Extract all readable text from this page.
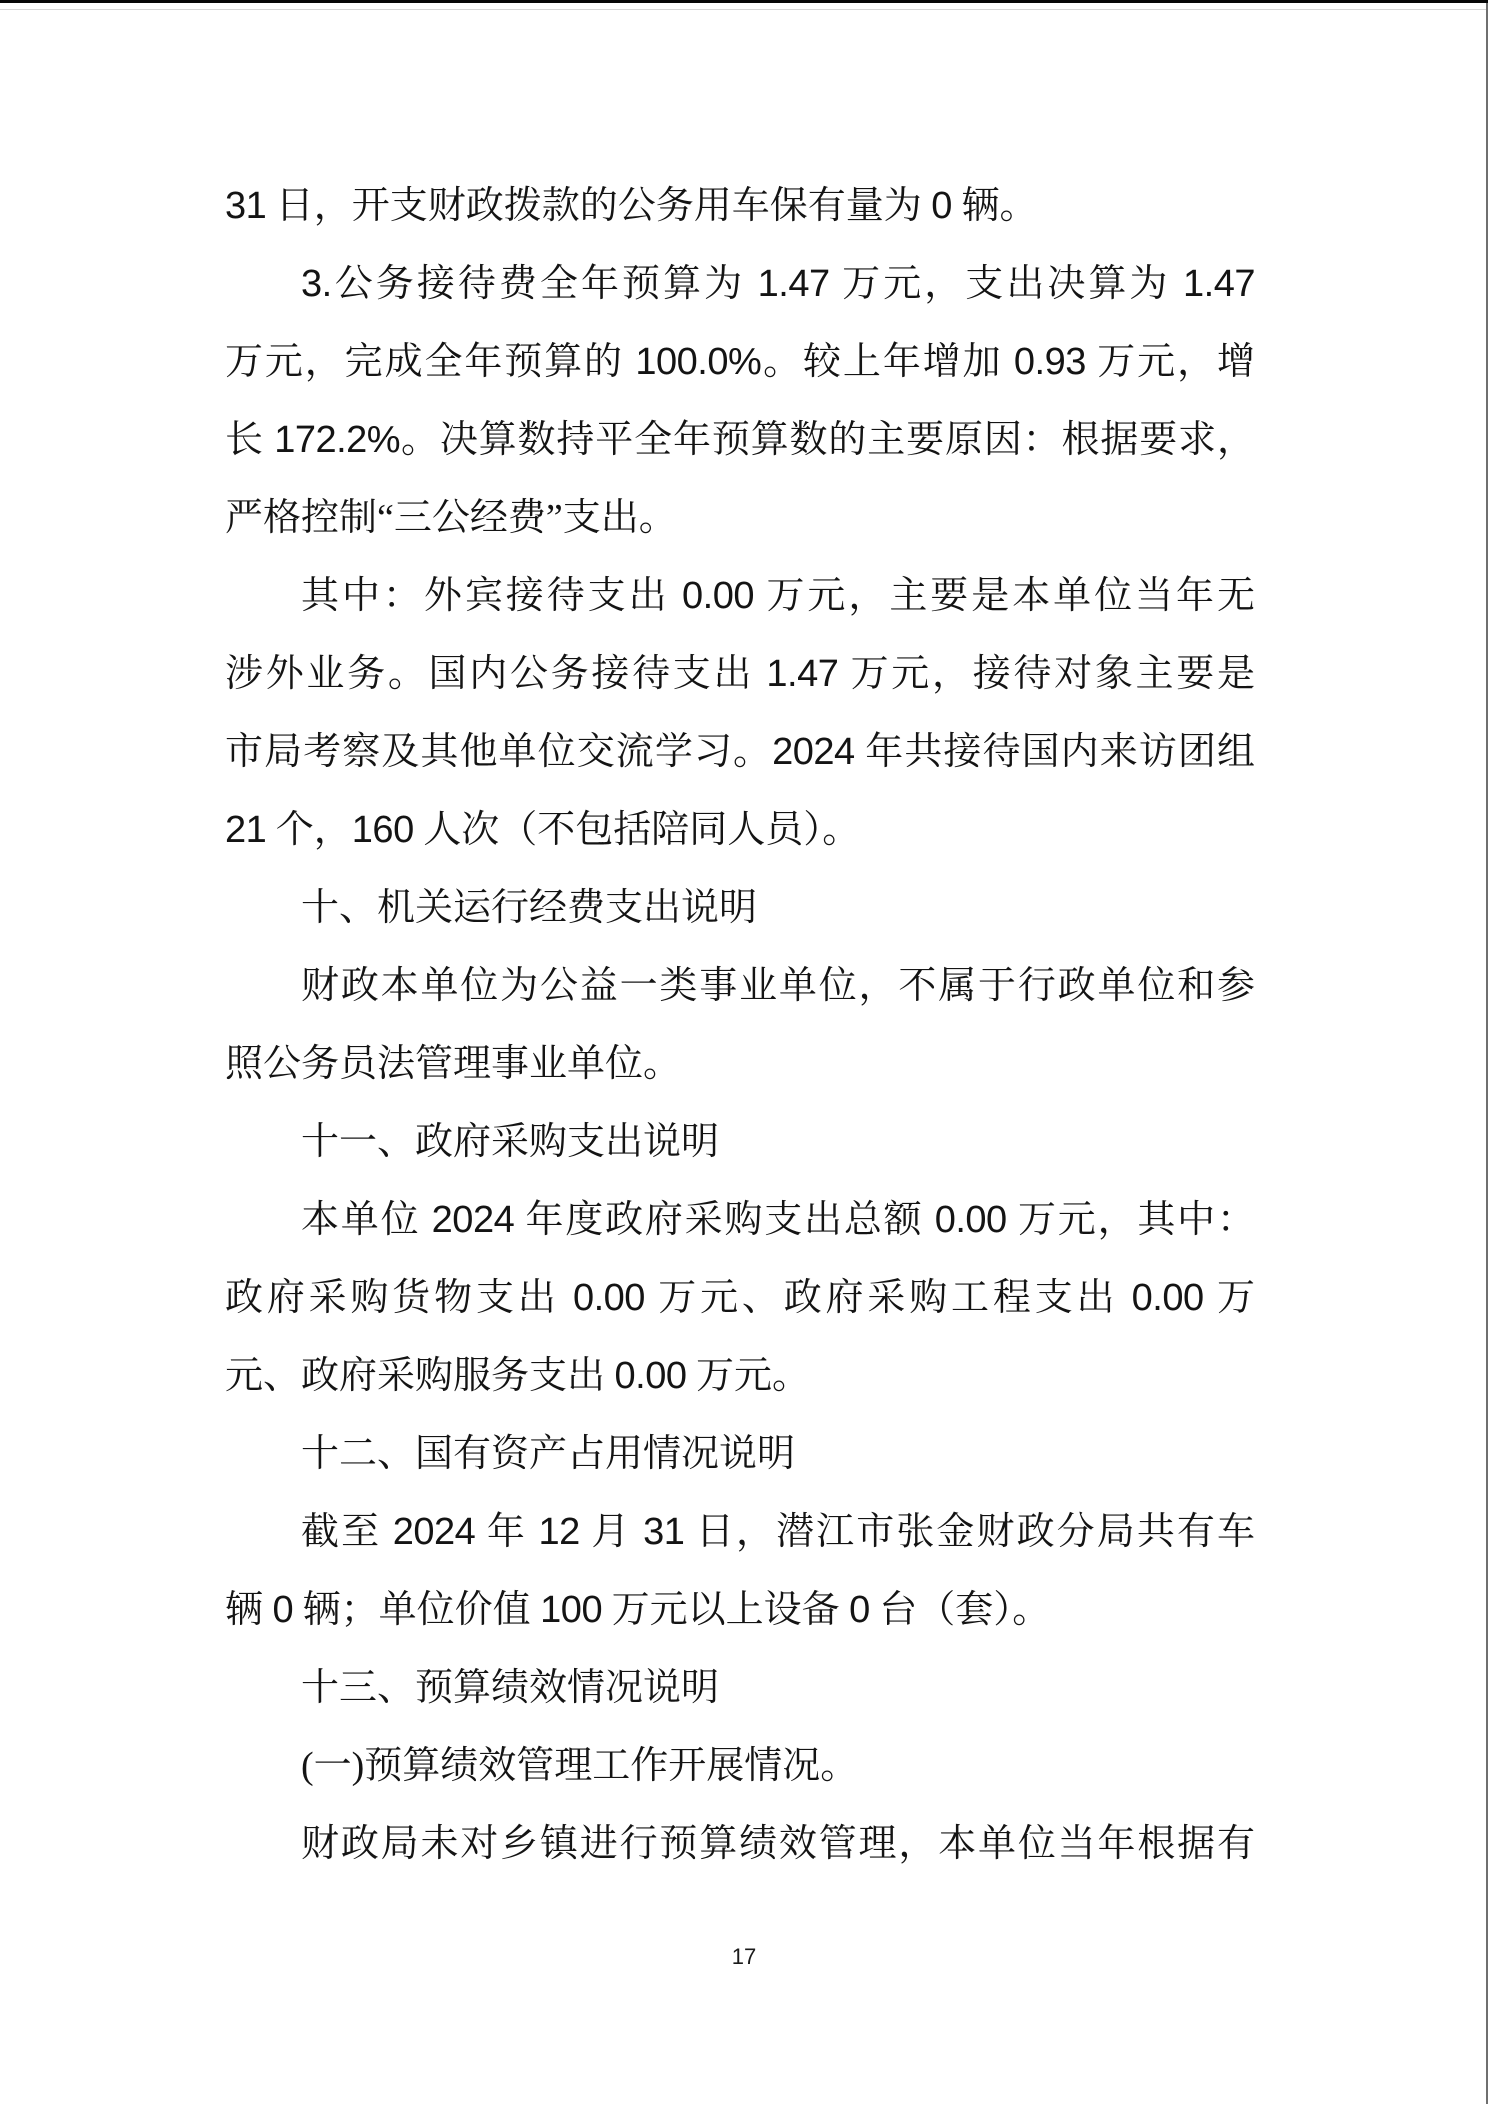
31 日，开支财政拨款的公务用车保有量为 0 辆。
3.公务接待费全年预算为 1.47 万元，支出决算为 1.47
万元，完成全年预算的 100.0%。较上年增加 0.93 万元，增
长 172.2%。决算数持平全年预算数的主要原因：根据要求，
严格控制“三公经费”支出。
其中：外宾接待支出 0.00 万元，主要是本单位当年无
涉外业务。国内公务接待支出 1.47 万元，接待对象主要是
市局考察及其他单位交流学习。2024 年共接待国内来访团组
21 个，160 人次（不包括陪同人员）。
十、机关运行经费支出说明
财政本单位为公益一类事业单位，不属于行政单位和参
照公务员法管理事业单位。
十一、政府采购支出说明
本单位 2024 年度政府采购支出总额 0.00 万元，其中：
政府采购货物支出 0.00 万元、政府采购工程支出 0.00 万
元、政府采购服务支出 0.00 万元。
十二、国有资产占用情况说明
截至 2024 年 12 月 31 日，潜江市张金财政分局共有车
辆 0 辆；单位价值 100 万元以上设备 0 台（套）。
十三、预算绩效情况说明
(一)预算绩效管理工作开展情况。
财政局未对乡镇进行预算绩效管理，本单位当年根据有
17
